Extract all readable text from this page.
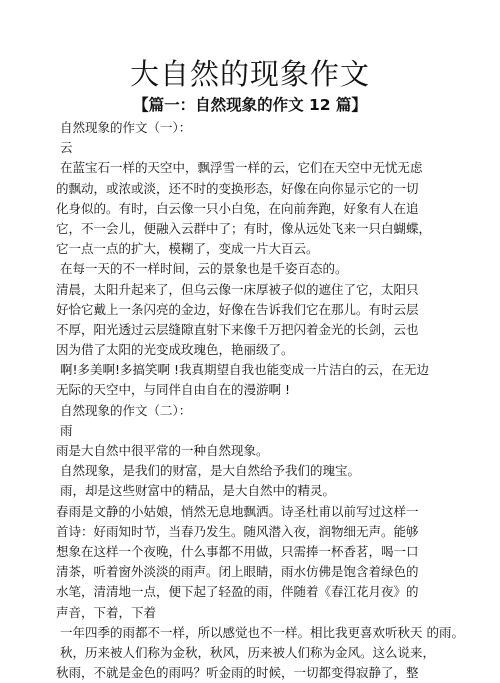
大自然的现象作文
【篇一：自然现象的作文 12 篇】
自然现象的作文（一）：
云
在蓝宝石一样的天空中，飘浮雪一样的云，它们在天空中无忧无虑
的飘动，或浓或淡，还不时的变换形态，好像在向你显示它的一切
化身似的。有时，白云像一只小白兔，在向前奔跑，好象有人在追
它，不一会儿，便融入云群中了；有时，像从远处飞来一只白蝴蝶，
它一点一点的扩大，模糊了，变成一片大百云。
在每一天的不一样时间，云的景象也是千姿百态的。
清晨，太阳升起来了，但乌云像一床厚被子似的遮住了它，太阳只
好恰它戴上一条闪亮的金边，好像在告诉我们它在那儿。有时云层
不厚，阳光透过云层缝隙直射下来像千万把闪着金光的长剑，云也
因为借了太阳的光变成玫瑰色，艳丽级了。
啊!多美啊!多搞笑啊 !我真期望自我也能变成一片洁白的云，在无边
无际的天空中，与同伴自由自在的漫游啊 !
自然现象的作文（二）：
雨
雨是大自然中很平常的一种自然现象。
自然现象，是我们的财富，是大自然给予我们的瑰宝。
雨，却是这些财富中的精品，是大自然中的精灵。
春雨是文静的小姑娘，悄然无息地飘洒。诗圣杜甫以前写过这样一
首诗：好雨知时节，当春乃发生。随风潜入夜，润物细无声。能够
想象在这样一个夜晚，什么事都不用做，只需捧一杯香茗，喝一口
清茶，听着窗外淡淡的雨声。闭上眼睛，雨水仿佛是饱含着绿色的
水笔，清清地一点，便下起了轻盈的雨，伴随着《春江花月夜》的
声音，下着，下着
一年四季的雨都不一样，所以感觉也不一样。相比我更喜欢听秋天 的雨。
秋，历来被人们称为金秋，秋风，历来被人们称为金风。这么说来，
秋雨，不就是金色的雨吗？听金雨的时候，一切都变得寂静了，整
